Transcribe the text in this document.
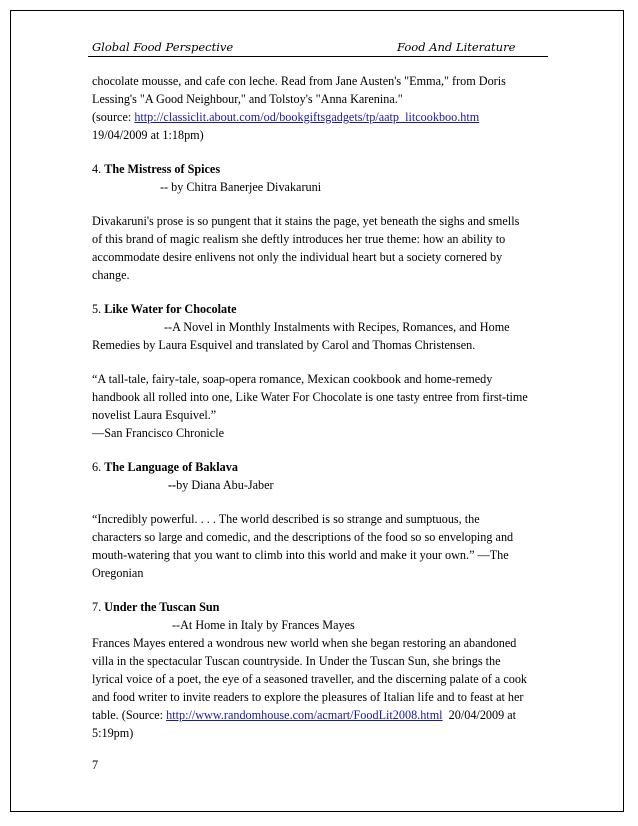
Global Food Perspective	Food And Literature

chocolate mousse, and cafe con leche. Read from Jane Austen's "Emma," from Doris

Lessing's "A Good Neighbour," and Tolstoy's "Anna Karenina."

(source: http://classiclit.about.com/od/bookgiftsgadgets/tp/aatp_litcookboo.htm

19/04/2009 at 1:18pm)

4. The Mistress of Spices

-- by Chitra Banerjee Divakaruni

Divakaruni's prose is so pungent that it stains the page, yet beneath the sighs and smells

of this brand of magic realism she deftly introduces her true theme: how an ability to

accommodate desire enlivens not only the individual heart but a society cornered by

change.

5. Like Water for Chocolate

--A Novel in Monthly Instalments with Recipes, Romances, and Home

Remedies by Laura Esquivel and translated by Carol and Thomas Christensen.

“A tall-tale, fairy-tale, soap-opera romance, Mexican cookbook and home-remedy

handbook all rolled into one, Like Water For Chocolate is one tasty entree from first-time

novelist Laura Esquivel.”

—San Francisco Chronicle

6. The Language of Baklava

--by Diana Abu-Jaber

“Incredibly powerful. . . . The world described is so strange and sumptuous, the

characters so large and comedic, and the descriptions of the food so so enveloping and

mouth-watering that you want to climb into this world and make it your own.” —The

Oregonian

7. Under the Tuscan Sun

--At Home in Italy by Frances Mayes

Frances Mayes entered a wondrous new world when she began restoring an abandoned

villa in the spectacular Tuscan countryside. In Under the Tuscan Sun, she brings the

lyrical voice of a poet, the eye of a seasoned traveller, and the discerning palate of a cook

and food writer to invite readers to explore the pleasures of Italian life and to feast at her

table. (Source: http://www.randomhouse.com/acmart/FoodLit2008.html  20/04/2009 at

5:19pm)

7
